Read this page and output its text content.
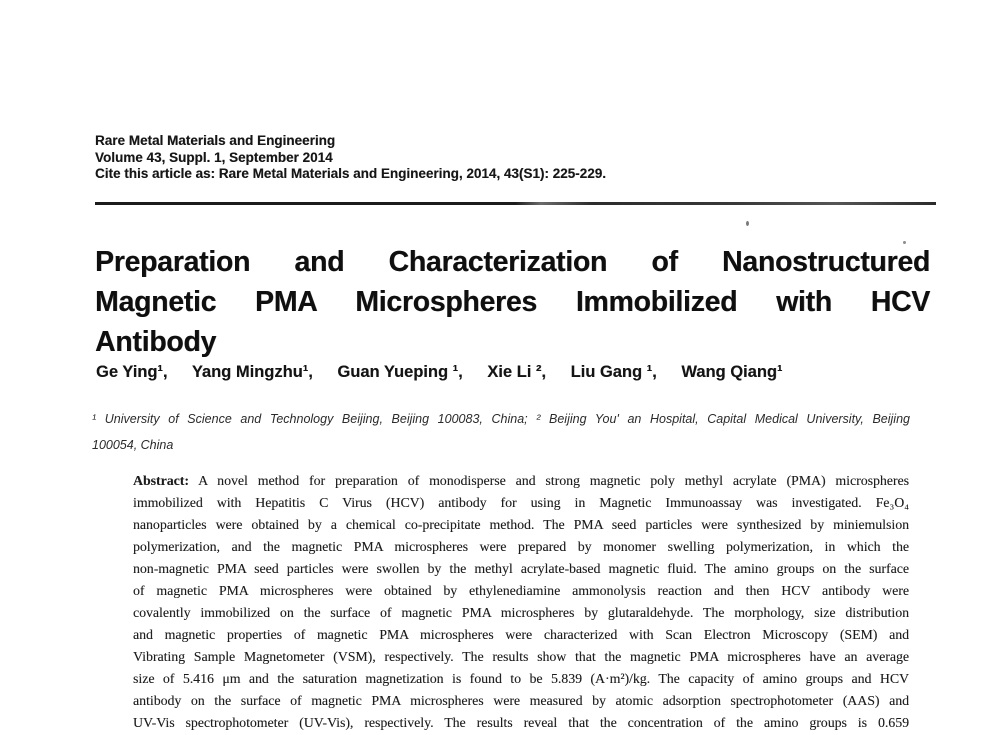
Rare Metal Materials and Engineering
Volume 43, Suppl. 1, September 2014
Cite this article as: Rare Metal Materials and Engineering, 2014, 43(S1): 225-229.
Preparation and Characterization of Nanostructured
Magnetic PMA Microspheres Immobilized with HCV
Antibody
Ge Ying¹, Yang Mingzhu¹, Guan Yueping ¹, Xie Li ², Liu Gang ¹, Wang Qiang¹
¹ University of Science and Technology Beijing, Beijing 100083, China; ² Beijing You' an Hospital, Capital Medical University, Beijing
100054, China
Abstract: A novel method for preparation of monodisperse and strong magnetic poly methyl acrylate (PMA) microspheres
immobilized with Hepatitis C Virus (HCV) antibody for using in Magnetic Immunoassay was investigated. Fe₃O₄
nanoparticles were obtained by a chemical co-precipitate method. The PMA seed particles were synthesized by miniemulsion
polymerization, and the magnetic PMA microspheres were prepared by monomer swelling polymerization, in which the
non-magnetic PMA seed particles were swollen by the methyl acrylate-based magnetic fluid. The amino groups on the surface
of magnetic PMA microspheres were obtained by ethylenediamine ammonolysis reaction and then HCV antibody were
covalently immobilized on the surface of magnetic PMA microspheres by glutaraldehyde. The morphology, size distribution
and magnetic properties of magnetic PMA microspheres were characterized with Scan Electron Microscopy (SEM) and
Vibrating Sample Magnetometer (VSM), respectively. The results show that the magnetic PMA microspheres have an average
size of 5.416 μm and the saturation magnetization is found to be 5.839 (A·m²)/kg. The capacity of amino groups and HCV
antibody on the surface of magnetic PMA microspheres were measured by atomic adsorption spectrophotometer (AAS) and
UV-Vis spectrophotometer (UV-Vis), respectively. The results reveal that the concentration of the amino groups is 0.659
